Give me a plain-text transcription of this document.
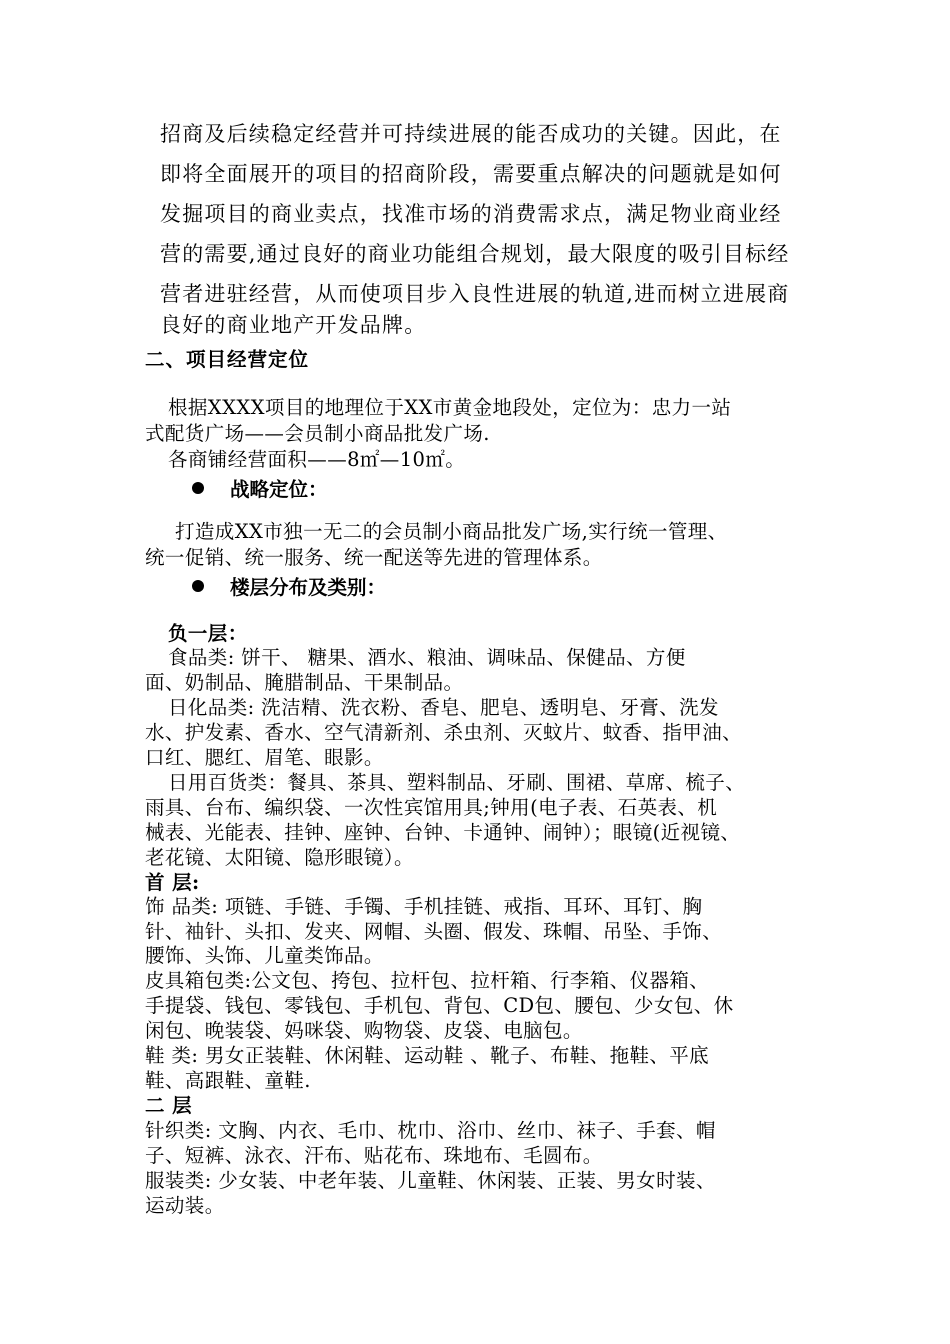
招商及后续稳定经营并可持续进展的能否成功的关键。因此，在
即将全面展开的项目的招商阶段，需要重点解决的问题就是如何
发掘项目的商业卖点，找准市场的消费需求点，满足物业商业经
营的需要,通过良好的商业功能组合规划，最大限度的吸引目标经
营者进驻经营，从而使项目步入良性进展的轨道,进而树立进展商
良好的商业地产开发品牌。
二、项目经营定位
根据XXXX项目的地理位于XX市黄金地段处，定位为：忠力一站
式配货广场——会员制小商品批发广场.
各商铺经营面积——8㎡—10㎡。
战略定位：
打造成XX市独一无二的会员制小商品批发广场,实行统一管理、
统一促销、统一服务、统一配送等先进的管理体系。
楼层分布及类别：
负一层：
食品类: 饼干、 糖果、酒水、粮油、调味品、保健品、方便
面、奶制品、腌腊制品、干果制品。
日化品类: 洗洁精、洗衣粉、香皂、肥皂、透明皂、牙膏、洗发
水、护发素、香水、空气清新剂、杀虫剂、灭蚊片、蚊香、指甲油、
口红、腮红、眉笔、眼影。
日用百货类：餐具、茶具、塑料制品、牙刷、围裙、草席、梳子、
雨具、台布、编织袋、一次性宾馆用具;钟用(电子表、石英表、机
械表、光能表、挂钟、座钟、台钟、卡通钟、闹钟）；眼镜(近视镜、
老花镜、太阳镜、隐形眼镜）。
首 层:
饰 品类: 项链、手链、手镯、手机挂链、戒指、耳环、耳钉、胸
针、袖针、头扣、发夹、网帽、头圈、假发、珠帽、吊坠、手饰、
腰饰、头饰、儿童类饰品。
皮具箱包类:公文包、挎包、拉杆包、拉杆箱、行李箱、仪器箱、
手提袋、钱包、零钱包、手机包、背包、CD包、腰包、少女包、休
闲包、晚装袋、妈咪袋、购物袋、皮袋、电脑包。
鞋 类: 男女正装鞋、休闲鞋、运动鞋 、靴子、布鞋、拖鞋、平底
鞋、高跟鞋、童鞋.
二 层
针织类: 文胸、内衣、毛巾、枕巾、浴巾、丝巾、袜子、手套、帽
子、短裤、泳衣、汗布、贴花布、珠地布、毛圆布。
服装类: 少女装、中老年装、儿童鞋、休闲装、正装、男女时装、
运动装。
